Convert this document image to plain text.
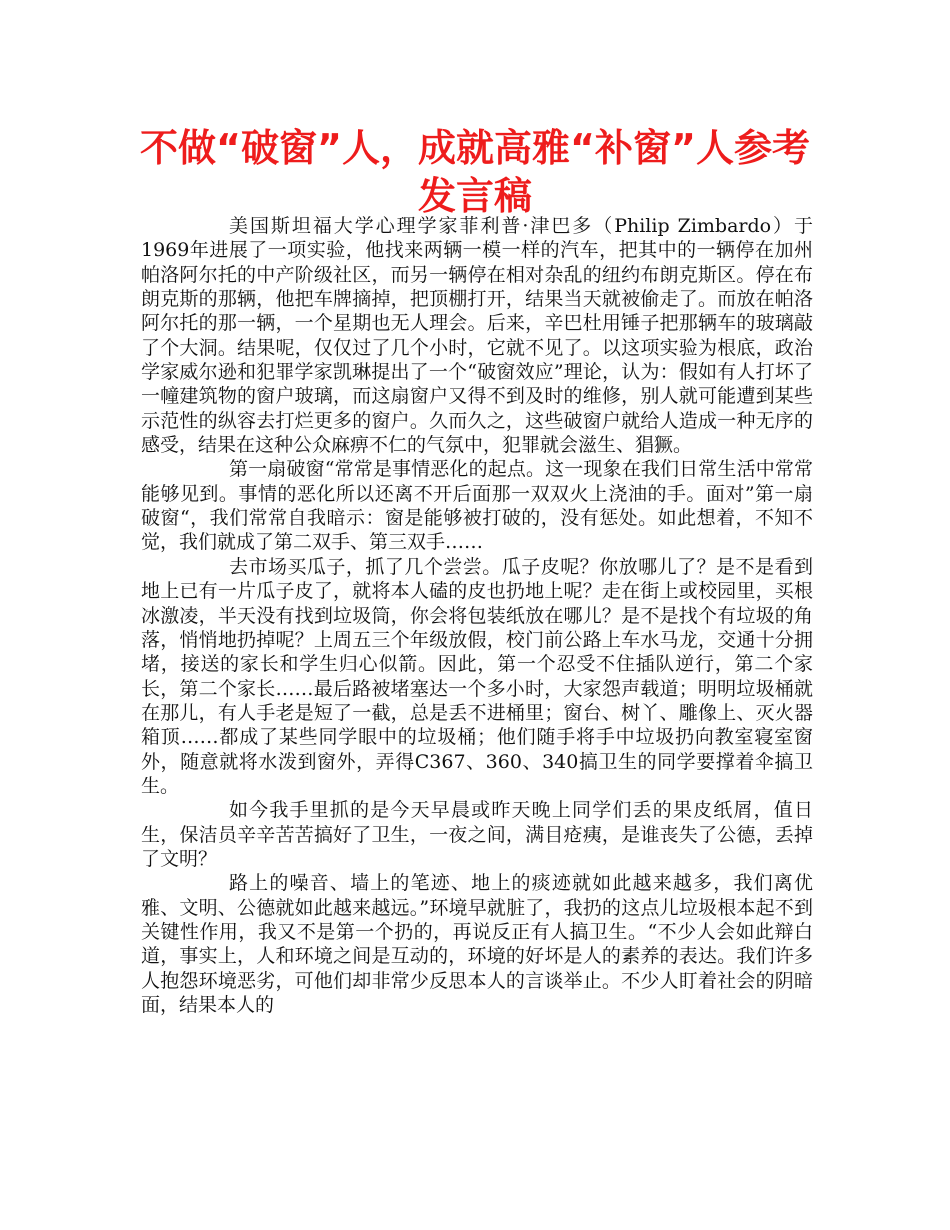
不做“破窗”人，成就高雅“补窗”人参考发言稿

美国斯坦福大学心理学家菲利普·津巴多（Philip Zimbardo）于1969年进展了一项实验，他找来两辆一模一样的汽车，把其中的一辆停在加州帕洛阿尔托的中产阶级社区，而另一辆停在相对杂乱的纽约布朗克斯区。停在布朗克斯的那辆，他把车牌摘掉，把顶棚打开，结果当天就被偷走了。而放在帕洛阿尔托的那一辆，一个星期也无人理会。后来，辛巴杜用锤子把那辆车的玻璃敲了个大洞。结果呢，仅仅过了几个小时，它就不见了。以这项实验为根底，政治学家威尔逊和犯罪学家凯琳提出了一个“破窗效应”理论，认为：假如有人打坏了一幢建筑物的窗户玻璃，而这扇窗户又得不到及时的维修，别人就可能遭到某些示范性的纵容去打烂更多的窗户。久而久之，这些破窗户就给人造成一种无序的感受，结果在这种公众麻痹不仁的气氛中，犯罪就会滋生、猖獗。

第一扇破窗“常常是事情恶化的起点。这一现象在我们日常生活中常常能够见到。事情的恶化所以还离不开后面那一双双火上浇油的手。面对”第一扇破窗“，我们常常自我暗示：窗是能够被打破的，没有惩处。如此想着，不知不觉，我们就成了第二双手、第三双手……

去市场买瓜子，抓了几个尝尝。瓜子皮呢？你放哪儿了？是不是看到地上已有一片瓜子皮了，就将本人磕的皮也扔地上呢？走在街上或校园里，买根冰激凌，半天没有找到垃圾筒，你会将包装纸放在哪儿？是不是找个有垃圾的角落，悄悄地扔掉呢？上周五三个年级放假，校门前公路上车水马龙，交通十分拥堵，接送的家长和学生归心似箭。因此，第一个忍受不住插队逆行，第二个家长，第二个家长……最后路被堵塞达一个多小时，大家怨声载道；明明垃圾桶就在那儿，有人手老是短了一截，总是丢不进桶里；窗台、树丫、雕像上、灭火器箱顶……都成了某些同学眼中的垃圾桶；他们随手将手中垃圾扔向教室寝室窗外，随意就将水泼到窗外，弄得C367、360、340搞卫生的同学要撑着伞搞卫生。

如今我手里抓的是今天早晨或昨天晚上同学们丢的果皮纸屑，值日生，保洁员辛辛苦苦搞好了卫生，一夜之间，满目疮痍，是谁丧失了公德，丢掉了文明？

路上的噪音、墙上的笔迹、地上的痰迹就如此越来越多，我们离优雅、文明、公德就如此越来越远。”环境早就脏了，我扔的这点儿垃圾根本起不到关键性作用，我又不是第一个扔的，再说反正有人搞卫生。“不少人会如此辩白道，事实上，人和环境之间是互动的，环境的好坏是人的素养的表达。我们许多人抱怨环境恶劣，可他们却非常少反思本人的言谈举止。不少人盯着社会的阴暗面，结果本人的
